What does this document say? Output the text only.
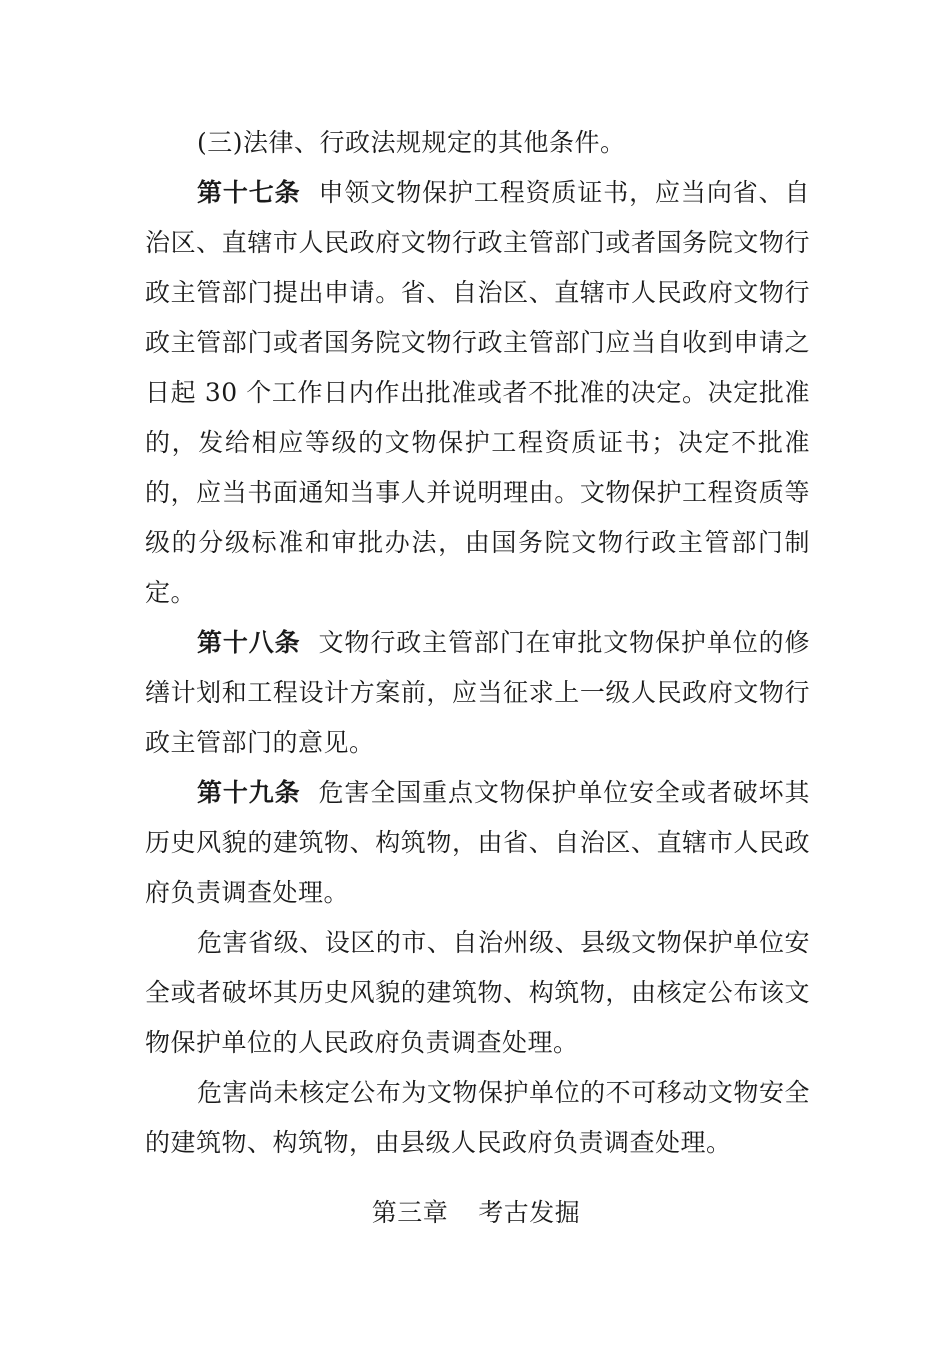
(三)法律、行政法规规定的其他条件。

第十七条 申领文物保护工程资质证书，应当向省、自治区、直辖市人民政府文物行政主管部门或者国务院文物行政主管部门提出申请。省、自治区、直辖市人民政府文物行政主管部门或者国务院文物行政主管部门应当自收到申请之日起 30 个工作日内作出批准或者不批准的决定。决定批准的，发给相应等级的文物保护工程资质证书；决定不批准的，应当书面通知当事人并说明理由。文物保护工程资质等级的分级标准和审批办法，由国务院文物行政主管部门制定。

第十八条 文物行政主管部门在审批文物保护单位的修缮计划和工程设计方案前，应当征求上一级人民政府文物行政主管部门的意见。

第十九条 危害全国重点文物保护单位安全或者破坏其历史风貌的建筑物、构筑物，由省、自治区、直辖市人民政府负责调查处理。

危害省级、设区的市、自治州级、县级文物保护单位安全或者破坏其历史风貌的建筑物、构筑物，由核定公布该文物保护单位的人民政府负责调查处理。

危害尚未核定公布为文物保护单位的不可移动文物安全的建筑物、构筑物，由县级人民政府负责调查处理。

第三章 考古发掘
